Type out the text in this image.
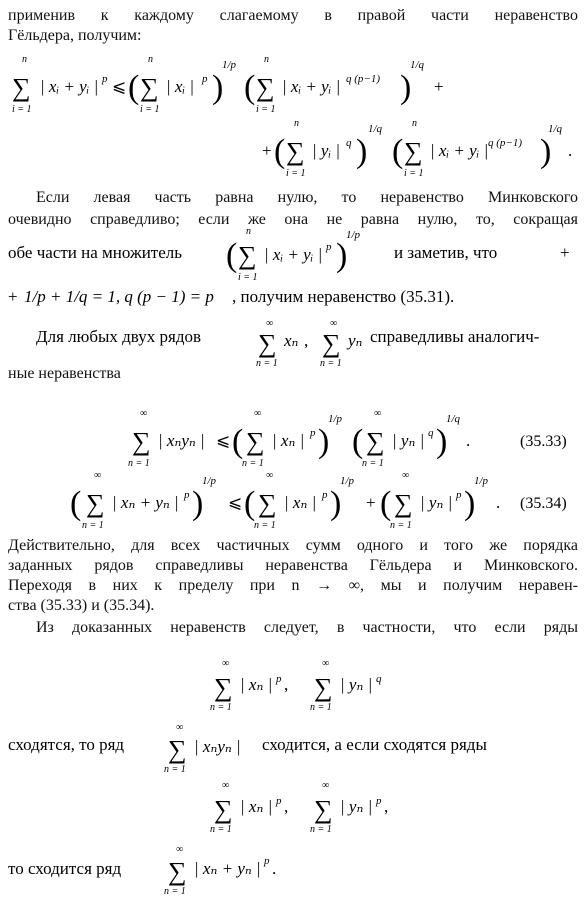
применив к каждому слагаемому в правой части неравенство
Гёльдера, получим:
n
∑
i = 1
| xᵢ + yᵢ | p ⩽ (
n
∑
i = 1
| xᵢ | p )
1/p
(
n
∑
i = 1
| xᵢ + yᵢ | q (p−1) )
1/q
+
+ (
n
∑
i = 1
| yᵢ | q )
1/q
(
n
∑
i = 1
| xᵢ + yᵢ | q (p−1) )
1/q
.
Если левая часть равна нулю, то неравенство Минковского
очевидно справедливо; если же она не равна нулю, то, сокращая
обе части на множитель (
n
∑
i = 1
| xᵢ + yᵢ | p )
1/p
и заметив, что	+
+ 1/p + 1/q = 1, q (p − 1) = p , получим неравенство (35.31).
Для любых двух рядов
∞
∑
n = 1
xₙ ,
∞
∑
n = 1
yₙ справедливы аналогич-
ные неравенства
∞
∑
n = 1
| xₙyₙ | ⩽ (
∞
∑
n = 1
| xₙ | p )
1/p
(
∞
∑
n = 1
| yₙ | q )
1/q
.	(35.33)
(
∞
∑
n = 1
| xₙ + yₙ | p )
1/p
⩽ (
∞
∑
n = 1
| xₙ | p )
1/p
+ (
∞
∑
n = 1
| yₙ | p )
1/p
. (35.34)
Действительно, для всех частичных сумм одного и того же порядка
заданных рядов справедливы неравенства Гёльдера и Минковского.
Переходя в них к пределу при n → ∞, мы и получим неравен-
ства (35.33) и (35.34).
Из доказанных неравенств следует, в частности, что если ряды
∞
∑
n = 1
| xₙ | p ,
∞
∑
n = 1
| yₙ | q
сходятся, то ряд
∞
∑
n = 1
| xₙyₙ | сходится, а если сходятся ряды
∞
∑
n = 1
| xₙ | p ,
∞
∑
n = 1
| yₙ | p ,
то сходится ряд
∞
∑
n = 1
| xₙ + yₙ | p .
